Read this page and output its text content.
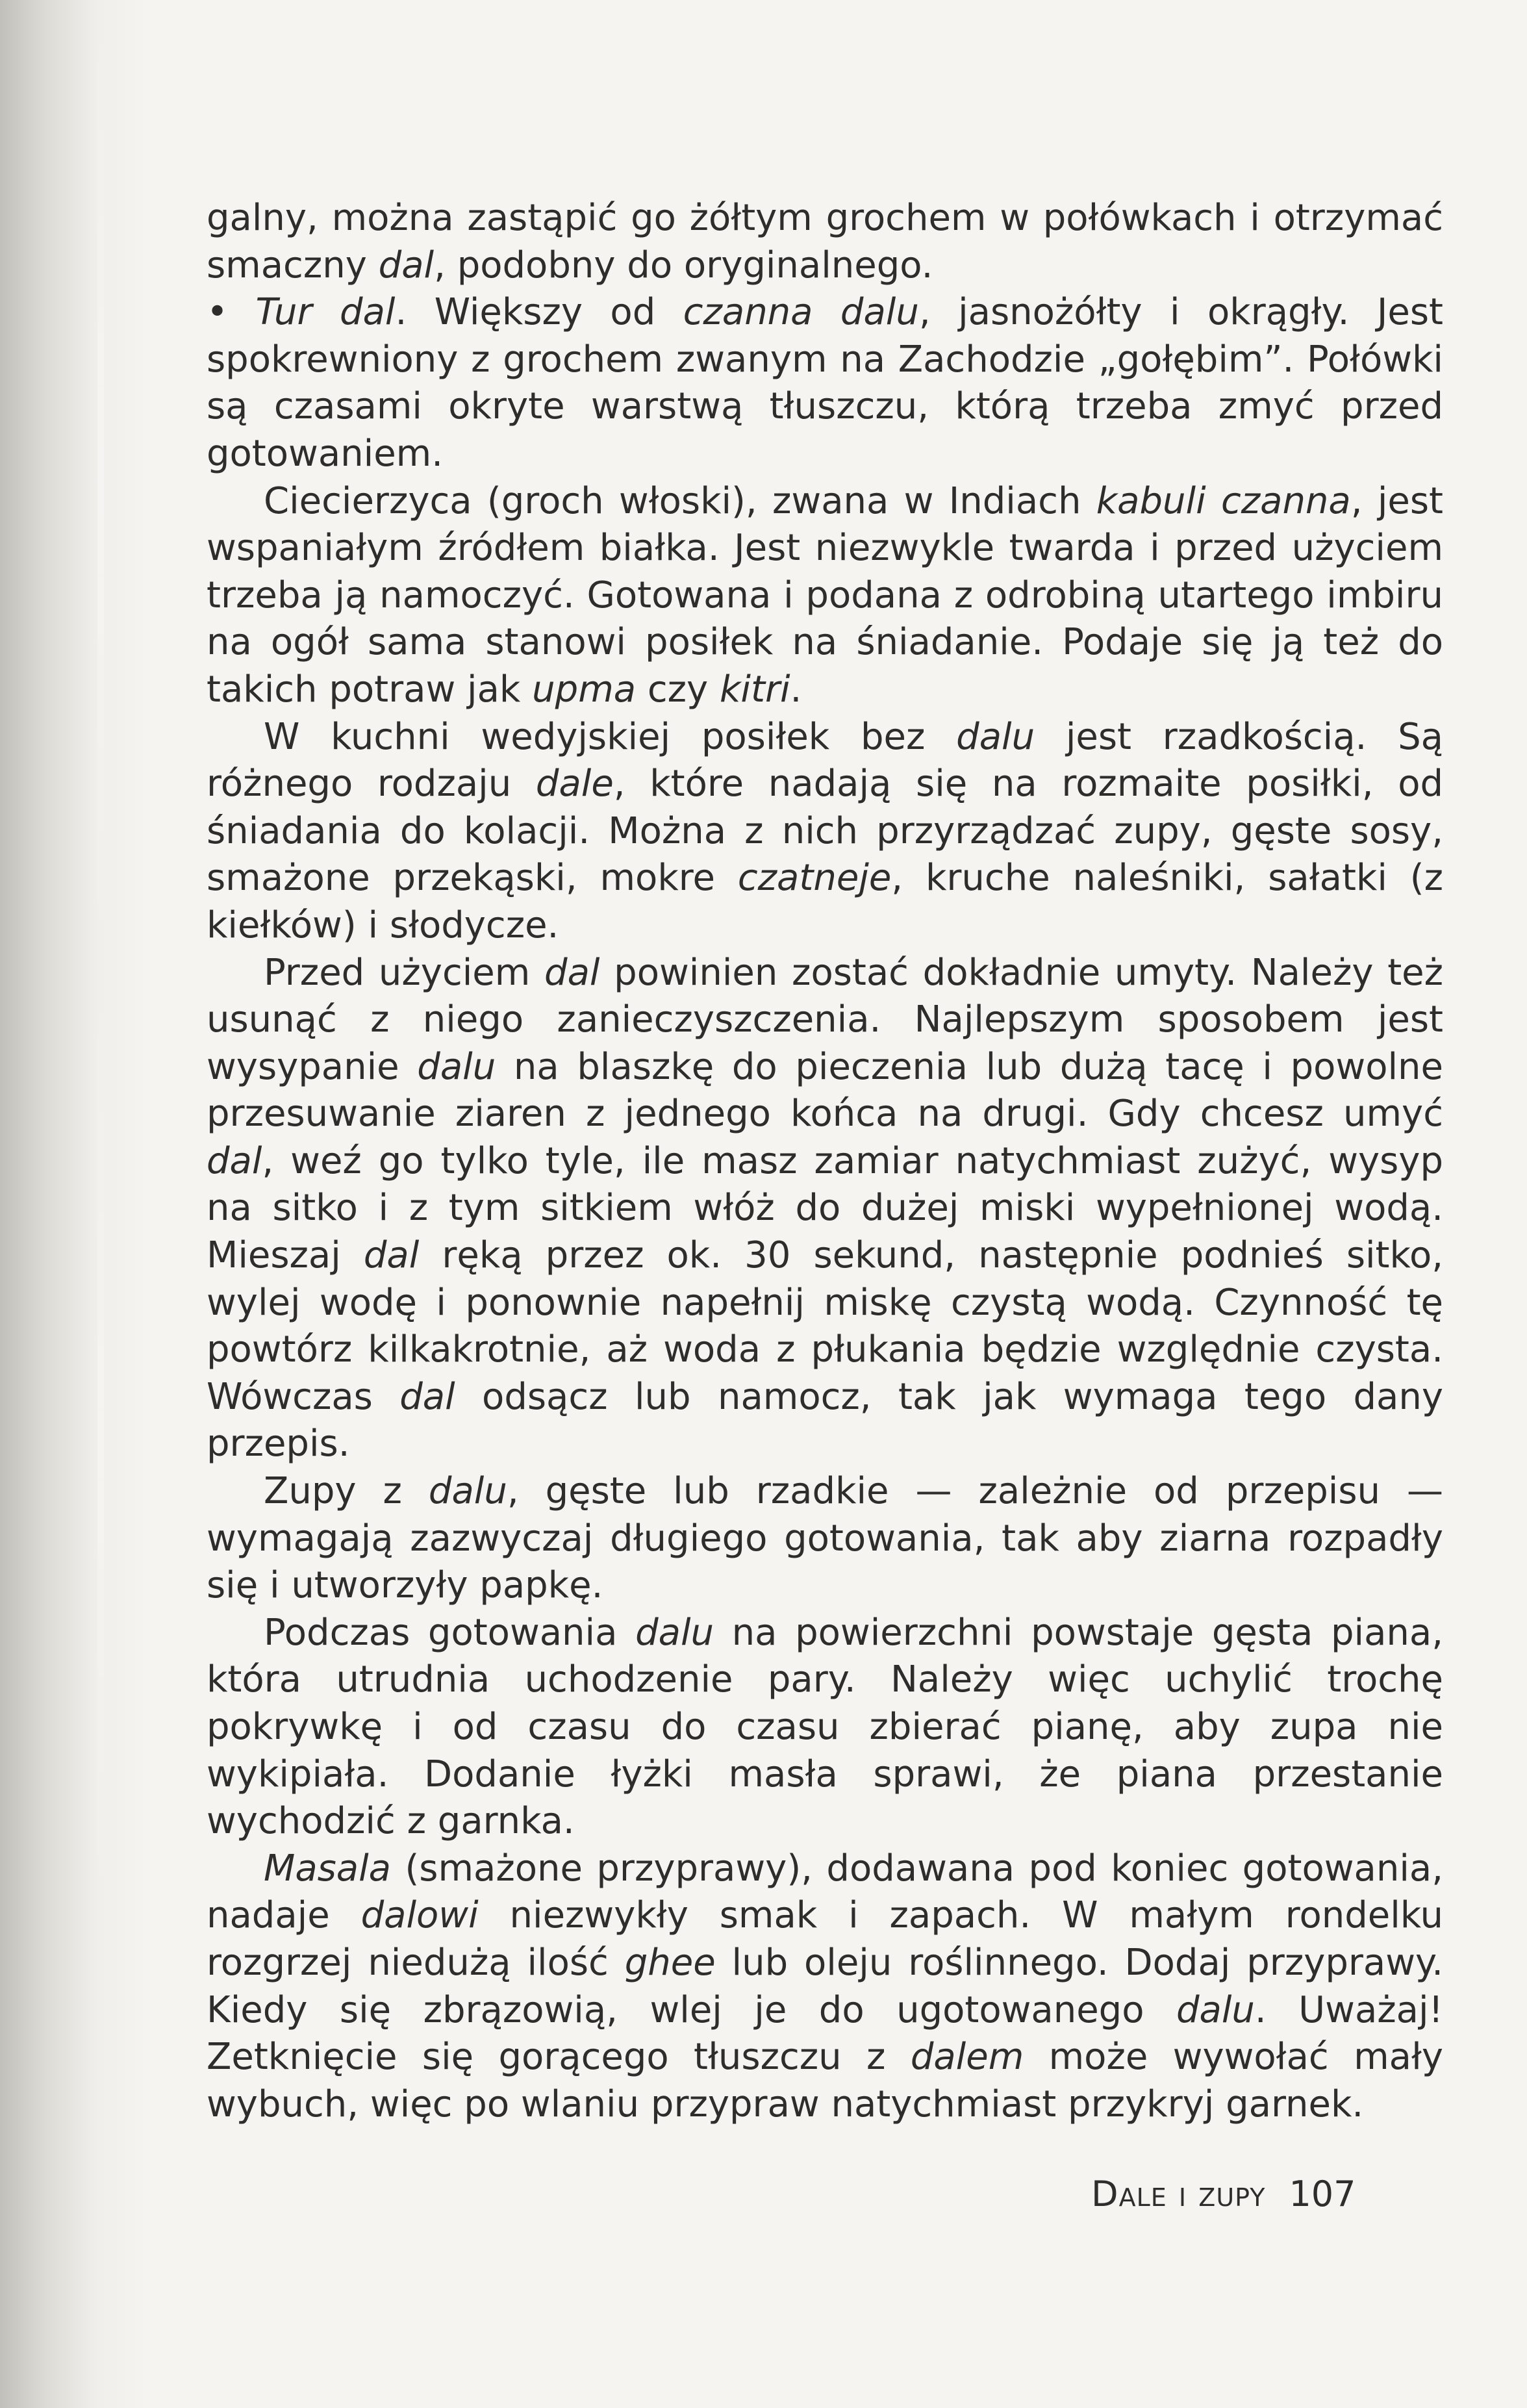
galny, można zastąpić go żółtym grochem w połówkach i otrzymać smaczny dal, podobny do oryginalnego.

• Tur dal. Większy od czanna dalu, jasnożółty i okrągły. Jest spokrewniony z grochem zwanym na Zachodzie „gołębim”. Połówki są czasami okryte warstwą tłuszczu, którą trzeba zmyć przed gotowaniem.

Ciecierzyca (groch włoski), zwana w Indiach kabuli czanna, jest wspaniałym źródłem białka. Jest niezwykle twarda i przed użyciem trzeba ją namoczyć. Gotowana i podana z odrobiną utartego imbiru na ogół sama stanowi posiłek na śniadanie. Podaje się ją też do takich potraw jak upma czy kitri.

W kuchni wedyjskiej posiłek bez dalu jest rzadkością. Są różnego rodzaju dale, które nadają się na rozmaite posiłki, od śniadania do kolacji. Można z nich przyrządzać zupy, gęste sosy, smażone przekąski, mokre czatneje, kruche naleśniki, sałatki (z kiełków) i słodycze.

Przed użyciem dal powinien zostać dokładnie umyty. Należy też usunąć z niego zanieczyszczenia. Najlepszym sposobem jest wysypanie dalu na blaszkę do pieczenia lub dużą tacę i powolne przesuwanie ziaren z jednego końca na drugi. Gdy chcesz umyć dal, weź go tylko tyle, ile masz zamiar natychmiast zużyć, wysyp na sitko i z tym sitkiem włóż do dużej miski wypełnionej wodą. Mieszaj dal ręką przez ok. 30 sekund, następnie podnieś sitko, wylej wodę i ponownie napełnij miskę czystą wodą. Czynność tę powtórz kilkakrotnie, aż woda z płukania będzie względnie czysta. Wówczas dal odsącz lub namocz, tak jak wymaga tego dany przepis.

Zupy z dalu, gęste lub rzadkie — zależnie od przepisu — wymagają zazwyczaj długiego gotowania, tak aby ziarna rozpadły się i utworzyły papkę.

Podczas gotowania dalu na powierzchni powstaje gęsta piana, która utrudnia uchodzenie pary. Należy więc uchylić trochę pokrywkę i od czasu do czasu zbierać pianę, aby zupa nie wykipiała. Dodanie łyżki masła sprawi, że piana przestanie wychodzić z garnka.

Masala (smażone przyprawy), dodawana pod koniec gotowania, nadaje dalowi niezwykły smak i zapach. W małym rondelku rozgrzej niedużą ilość ghee lub oleju roślinnego. Dodaj przyprawy. Kiedy się zbrązowią, wlej je do ugotowanego dalu. Uważaj! Zetknięcie się gorącego tłuszczu z dalem może wywołać mały wybuch, więc po wlaniu przypraw natychmiast przykryj garnek.

Dale i zupy 107
